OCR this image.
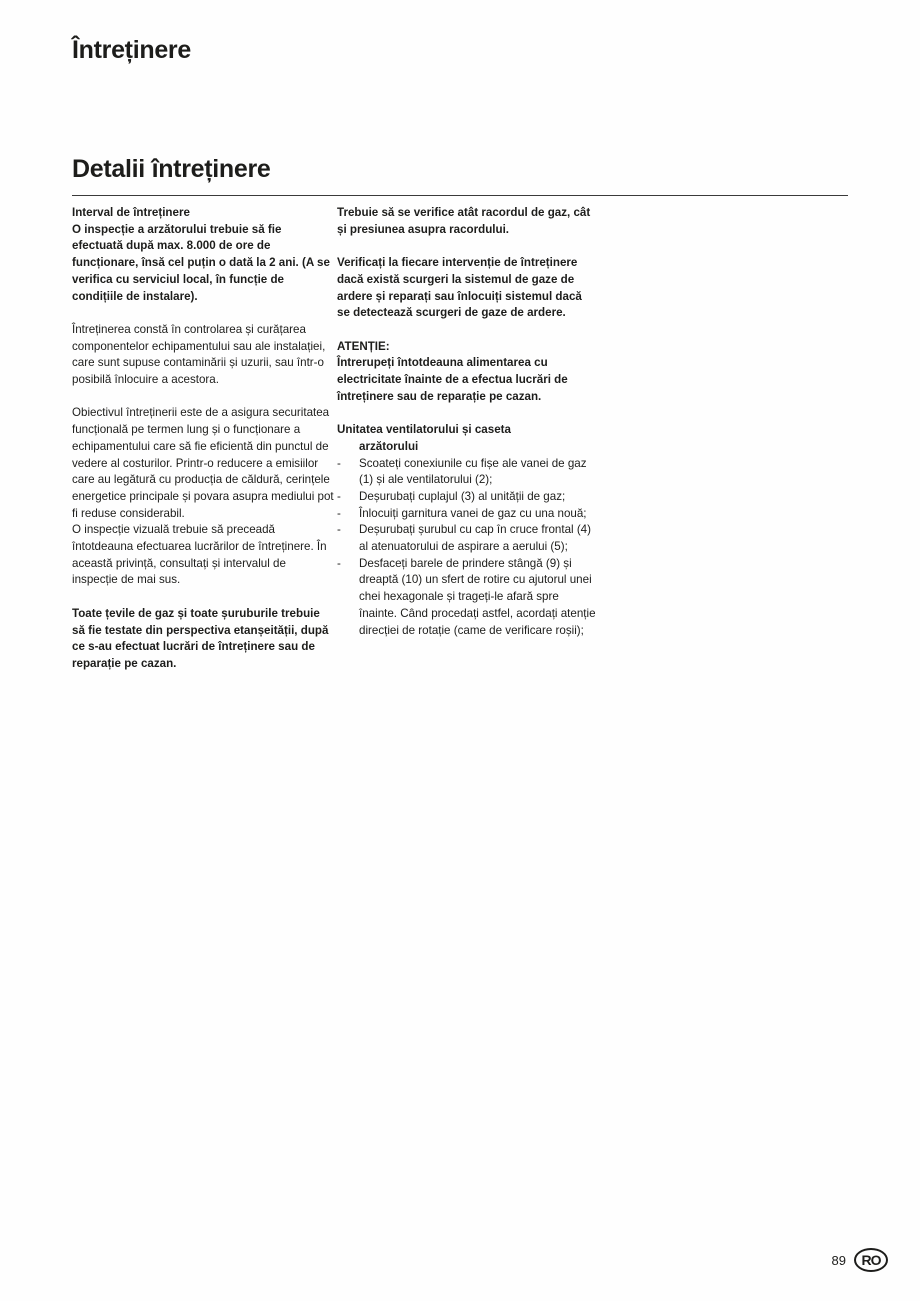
Întreținere
Detalii întreținere
Interval de întreținere
O inspecție a arzătorului trebuie să fie efectuată după max. 8.000 de ore de funcționare, însă cel puțin o dată la 2 ani. (A se verifica cu serviciul local, în funcție de condițiile de instalare).
Întreținerea constă în controlarea și curățarea componentelor echipamentului sau ale instalației, care sunt supuse contaminării și uzurii, sau într-o posibilă înlocuire a acestora.
Obiectivul întreținerii este de a asigura securitatea funcțională pe termen lung și o funcționare a echipamentului care să fie eficientă din punctul de vedere al costurilor. Printr-o reducere a emisiilor care au legătură cu producția de căldură, cerințele energetice principale și povara asupra mediului pot fi reduse considerabil.
O inspecție vizuală trebuie să preceadă întotdeauna efectuarea lucrărilor de întreținere. În această privință, consultați și intervalul de inspecție de mai sus.
Toate țevile de gaz și toate șuruburile trebuie să fie testate din perspectiva etanșeității, după ce s-au efectuat lucrări de întreținere sau de reparație pe cazan.
Trebuie să se verifice atât racordul de gaz, cât și presiunea asupra racordului.
Verificați la fiecare intervenție de întreținere dacă există scurgeri la sistemul de gaze de ardere și reparați sau înlocuiți sistemul dacă se detectează scurgeri de gaze de ardere.
ATENȚIE:
Întrerupeți întotdeauna alimentarea cu electricitate înainte de a efectua lucrări de întreținere sau de reparație pe cazan.
Unitatea ventilatorului și caseta
arzătorului
- Scoateți conexiunile cu fișe ale vanei de gaz (1) și ale ventilatorului (2);
- Deșurubați cuplajul (3) al unității de gaz;
- Înlocuiți garnitura vanei de gaz cu una nouă;
- Deșurubați șurubul cu cap în cruce frontal (4) al atenuatorului de aspirare a aerului (5);
- Desfaceți barele de prindere stângă (9) și dreaptă (10) un sfert de rotire cu ajutorul unei chei hexagonale și trageți-le afară spre înainte. Când procedați astfel, acordați atenție direcției de rotație (came de verificare roșii);
89	RO
